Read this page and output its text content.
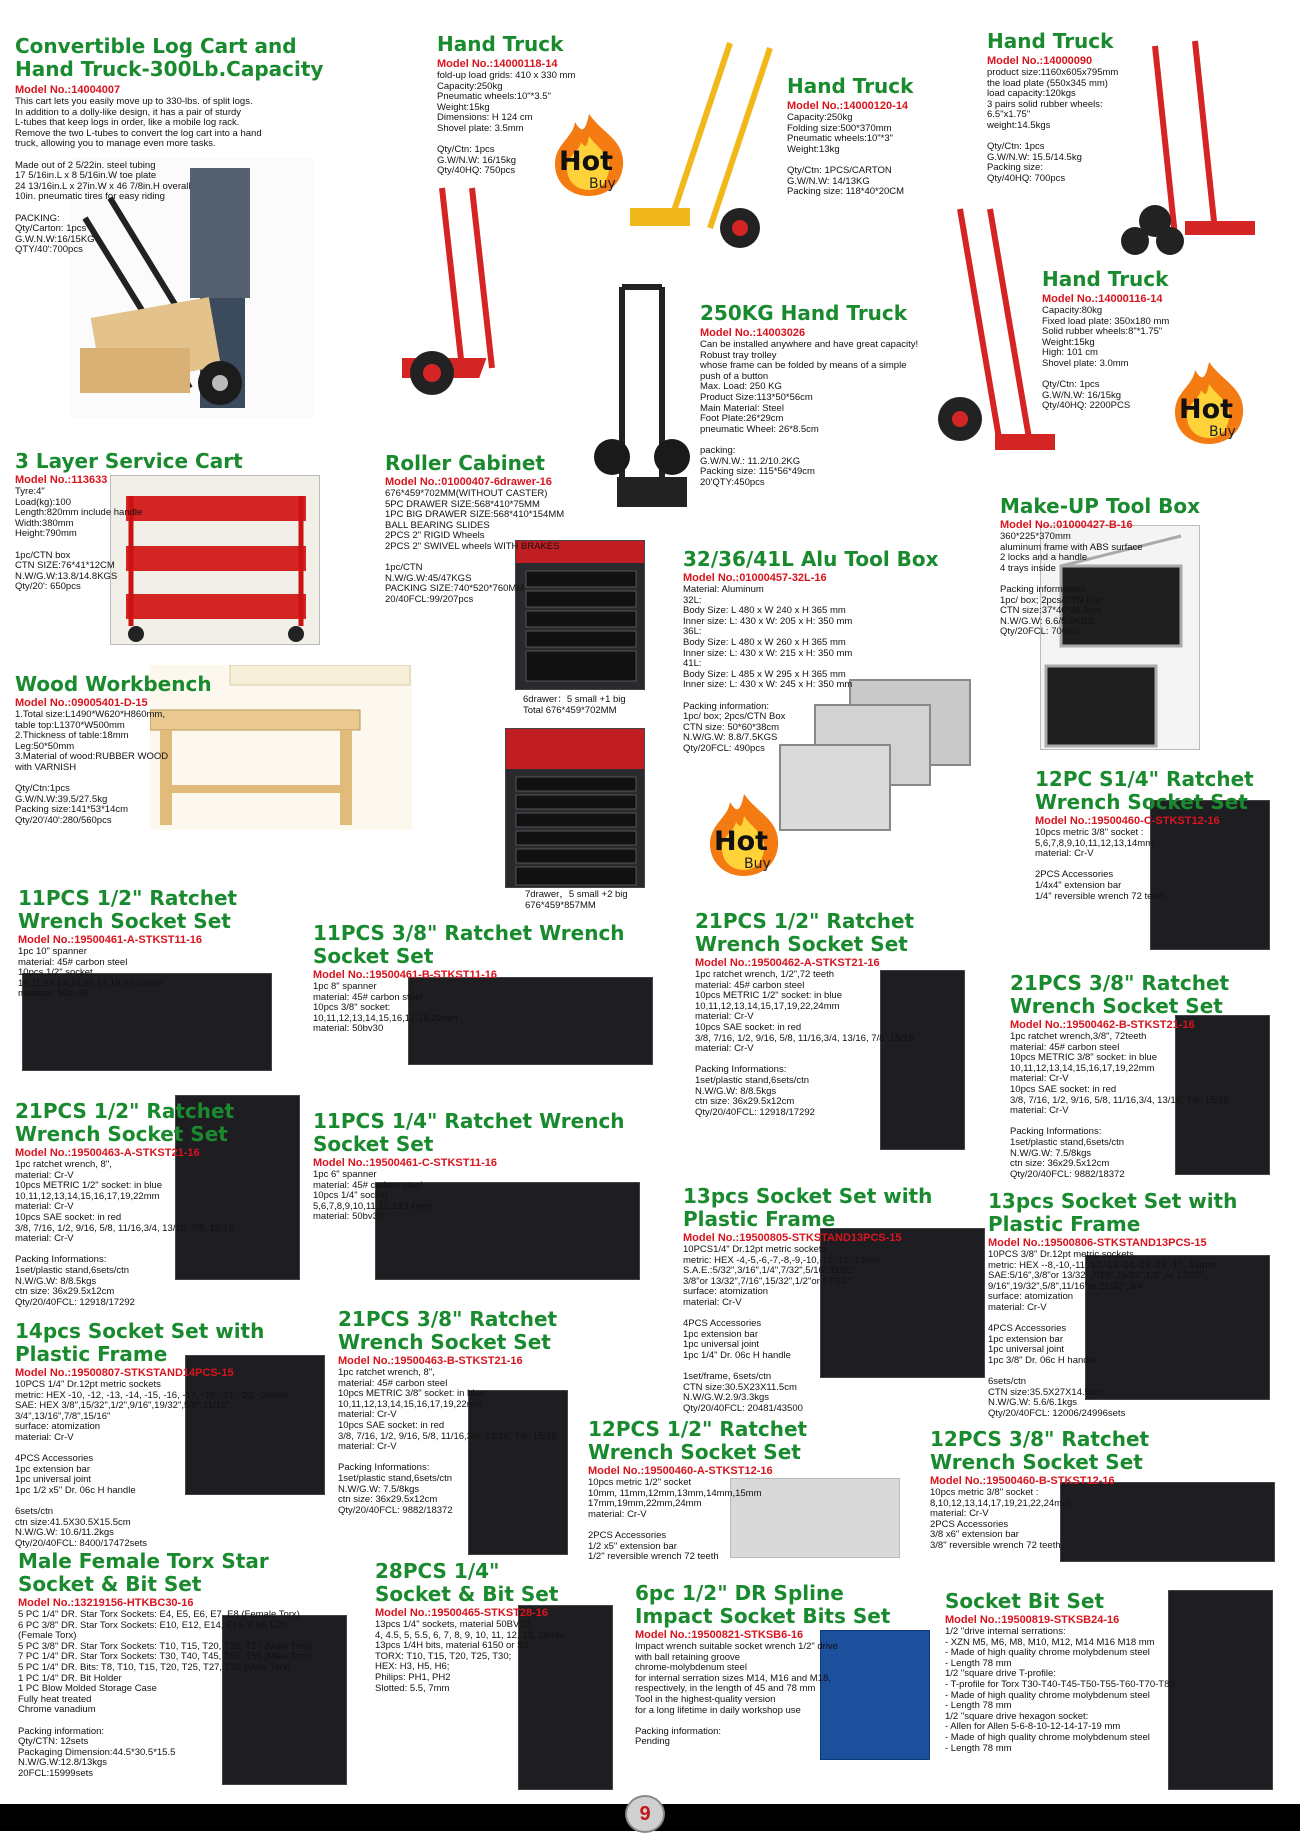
Hot
Buy
Hot
Buy
Hot
Buy
Convertible Log Cart and
Hand Truck-300Lb.Capacity
Model No.:14004007
This cart lets you easily move up to 330-lbs. of split logs.
In addition to a dolly-like design, it has a pair of sturdy
L-tubes that keep logs in order, like a mobile log rack.
Remove the two L-tubes to convert the log cart into a hand
truck, allowing you to manage even more tasks.

Made out of 2 5/22in. steel tubing
17 5/16in.L x 8 5/16in.W toe plate
24 13/16in.L x 27in.W x 46 7/8in.H overall
10in. pneumatic tires for easy riding

PACKING:
Qty/Carton: 1pcs
G.W.N.W:16/15KG
QTY/40':700pcs
Hand Truck
Model No.:14000118-14
fold-up load grids: 410 x 330 mm
Capacity:250kg
Pneumatic wheels:10"*3.5"
Weight:15kg
Dimensions: H 124 cm
Shovel plate: 3.5mm

Qty/Ctn: 1pcs
G.W/N.W: 16/15kg
Qty/40HQ: 750pcs
Hand Truck
Model No.:14000120-14
Capacity:250kg
Folding size:500*370mm
Pneumatic wheels:10"*3"
Weight:13kg

Qty/Ctn: 1PCS/CARTON
G.W/N.W: 14/13KG
Packing size: 118*40*20CM
Hand Truck
Model No.:14000090
product size:1160x605x795mm
the load plate (550x345 mm)
load capacity:120kgs
3 pairs solid rubber wheels: 6.5"x1.75"
weight:14.5kgs

Qty/Ctn: 1pcs
G.W/N.W: 15.5/14.5kg
Packing size:
Qty/40HQ: 700pcs
250KG Hand Truck
Model No.:14003026
Can be installed anywhere and have great capacity!
Robust tray trolley
whose frame can be folded by means of a simple
push of a button
Max. Load: 250 KG
Product Size:113*50*56cm
Main Material: Steel
Foot Plate:26*29cm
pneumatic Wheel: 26*8.5cm

packing:
G.W/N.W.: 11.2/10.2KG
Packing size: 115*56*49cm
20'QTY:450pcs
Hand Truck
Model No.:14000116-14
Capacity:80kg
Fixed load plate: 350x180 mm
Solid rubber wheels:8"*1.75"
Weight:15kg
High: 101 cm
Shovel plate: 3.0mm

Qty/Ctn: 1pcs
G.W/N.W: 16/15kg
Qty/40HQ: 2200PCS
3 Layer Service Cart
Model No.:113633
Tyre:4"
Load(kg):100
Length:820mm include handle
Width:380mm
Height:790mm

1pc/CTN box
CTN SIZE:76*41*12CM
N.W/G.W:13.8/14.8KGS
Qty/20': 650pcs
Roller Cabinet
Model No.:01000407-6drawer-16
676*459*702MM(WITHOUT CASTER)
5PC DRAWER SIZE:568*410*75MM
1PC BIG DRAWER SIZE:568*410*154MM
BALL BEARING SLIDES
2PCS 2" RIGID Wheels
2PCS 2" SWIVEL wheels WITH BRAKES

1pc/CTN
N.W/G.W:45/47KGS
PACKING SIZE:740*520*760MM
20/40FCL:99/207pcs
6drawer：5 small +1 big
Total 676*459*702MM
7drawer，5 small +2 big
676*459*857MM
Make-UP Tool Box
Model No.:01000427-B-16
360*225*370mm
aluminum frame with ABS surface
2 locks and a handle
4 trays inside

Packing information:
1pc/ box; 2pcs/CTN Box
CTN size:37*40*46.5cm
N.W/G.W: 6.6/5.5KGS
Qty/20FCL: 700pcs
32/36/41L Alu Tool Box
Model No.:01000457-32L-16
Material: Aluminum
32L:
Body Size: L 480 x W 240 x H 365 mm
Inner size: L: 430 x W: 205 x H: 350 mm
36L:
Body Size: L 480 x W 260 x H 365 mm
Inner size: L: 430 x W: 215 x H: 350 mm
41L:
Body Size: L 485 x W 295 x H 365 mm
Inner size: L: 430 x W: 245 x H: 350 mm

Packing information:
1pc/ box; 2pcs/CTN Box
CTN size: 50*60*38cm
N.W/G.W: 8.8/7.5KGS
Qty/20FCL: 490pcs
Wood Workbench
Model No.:09005401-D-15
1.Total size:L1490*W620*H860mm,
table top:L1370*W500mm
2.Thickness of table:18mm
Leg:50*50mm
3.Material of wood:RUBBER WOOD
with VARNISH

Qty/Ctn:1pcs
G.W/N.W:39.5/27.5kg
Packing size:141*53*14cm
Qty/20'/40':280/560pcs
12PC S1/4" Ratchet
Wrench Socket Set
Model No.:19500460-C-STKST12-16
10pcs metric 3/8" socket :
5,6,7,8,9,10,11,12,13,14mm
material: Cr-V

2PCS Accessories
1/4x4" extension bar
1/4" reversible wrench 72 teeth
11PCS 1/2" Ratchet
Wrench Socket Set
Model No.:19500461-A-STKST11-16
1pc 10" spanner
material: 45# carbon steel
10pcs 1/2" socket
10,11,12,13,14,15,17,19,22,24mm
material: 50bv30
11PCS 3/8" Ratchet Wrench
Socket Set
Model No.:19500461-B-STKST11-16
1pc 8" spanner
material: 45# carbon steel
10pcs 3/8" socket:
10,11,12,13,14,15,16,17,19,22mm
material: 50bv30
21PCS 1/2" Ratchet
Wrench Socket Set
Model No.:19500462-A-STKST21-16
1pc ratchet wrench, 1/2",72 teeth
material: 45# carbon steel
10pcs METRIC 1/2" socket: in blue
10,11,12,13,14,15,17,19,22,24mm
material: Cr-V
10pcs SAE socket: in red
3/8, 7/16, 1/2, 9/16, 5/8, 11/16,3/4, 13/16, 7/8, 15/16
material: Cr-V

Packing Informations:
1set/plastic stand,6sets/ctn
N.W/G.W: 8/8.5kgs
ctn size: 36x29.5x12cm
Qty/20/40FCL: 12918/17292
21PCS 3/8" Ratchet
Wrench Socket Set
Model No.:19500462-B-STKST21-16
1pc ratchet wrench,3/8", 72teeth
material: 45# carbon steel
10pcs METRIC 3/8" socket: in blue
10,11,12,13,14,15,16,17,19,22mm
material: Cr-V
10pcs SAE socket: in red
3/8, 7/16, 1/2, 9/16, 5/8, 11/16,3/4, 13/16, 7/8, 15/16
material: Cr-V

Packing Informations:
1set/plastic stand,6sets/ctn
N.W/G.W: 7.5/8kgs
ctn size: 36x29.5x12cm
Qty/20/40FCL: 9882/18372
21PCS 1/2" Ratchet
Wrench Socket Set
Model No.:19500463-A-STKST21-16
1pc ratchet wrench, 8",
material: Cr-V
10pcs METRIC 1/2" socket: in blue
10,11,12,13,14,15,16,17,19,22mm
material: Cr-V
10pcs SAE socket: in red
3/8, 7/16, 1/2, 9/16, 5/8, 11/16,3/4, 13/16, 7/8, 15/16
material: Cr-V

Packing Informations:
1set/plastic stand,6sets/ctn
N.W/G.W: 8/8.5kgs
ctn size: 36x29.5x12cm
Qty/20/40FCL: 12918/17292
11PCS 1/4" Ratchet Wrench
Socket Set
Model No.:19500461-C-STKST11-16
1pc 6" spanner
material: 45# carbon steel
10pcs 1/4" socket
5,6,7,8,9,10,11,12,13,14mm
material: 50bv30
13pcs Socket Set with
Plastic Frame
Model No.:19500805-STKSTAND13PCS-15
10PCS1/4" Dr.12pt metric sockets
metric: HEX -4,-5,-6,-7,-8,-9,-10,-11,-12,-13mm
S.A.E.:5/32",3/16",1/4",7/32",5/16",11/32",
3/8"or 13/32",7/16",15/32",1/2"or 17/32"
surface: atomization
material: Cr-V

4PCS Accessories
1pc extension bar
1pc universal joint
1pc 1/4" Dr. 06c H handle

1set/frame, 6sets/ctn
CTN size:30.5X23X11.5cm
N.W/G.W.2.9/3.3kgs
Qty/20/40FCL: 20481/43500
13pcs Socket Set with
Plastic Frame
Model No.:19500806-STKSTAND13PCS-15
10PCS 3/8" Dr.12pt metric sockets
metric: HEX --8,-10,-11,-12,-13,-14,-15,-16,-17,-19mm
SAE:5/16",3/8"or 13/32",7/16",15/32",1/2",or 17/32",
9/16",19/32",5/8",11/16"or 21/32",3/4"
surface: atomization
material: Cr-V

4PCS Accessories
1pc extension bar
1pc universal joint
1pc 3/8" Dr. 06c H handle

6sets/ctn
CTN size:35.5X27X14.5cm
N.W/G.W: 5.6/6.1kgs
Qty/20/40FCL: 12006/24996sets
14pcs Socket Set with
Plastic Frame
Model No.:19500807-STKSTAND14PCS-15
10PCS 1/4" Dr.12pt metric sockets
metric: HEX -10, -12, -13, -14, -15, -16, -17, -19, -21, -22, -24mm
SAE: HEX 3/8",15/32",1/2",9/16",19/32",5/8",11/16",
3/4",13/16",7/8",15/16"
surface: atomization
material: Cr-V

4PCS Accessories
1pc extension bar
1pc universal joint
1pc 1/2 x5" Dr. 06c H handle

6sets/ctn
ctn size:41.5X30.5X15.5cm
N.W/G.W: 10.6/11.2kgs
Qty/20/40FCL: 8400/17472sets
21PCS 3/8" Ratchet
Wrench Socket Set
Model No.:19500463-B-STKST21-16
1pc ratchet wrench, 8",
material: 45# carbon steel
10pcs METRIC 3/8" socket: in blue
10,11,12,13,14,15,16,17,19,22mm
material: Cr-V
10pcs SAE socket: in red
3/8, 7/16, 1/2, 9/16, 5/8, 11/16,3/4, 13/16, 7/8, 15/16
material: Cr-V

Packing Informations:
1set/plastic stand,6sets/ctn
N.W/G.W: 7.5/8kgs
ctn size: 36x29.5x12cm
Qty/20/40FCL: 9882/18372
12PCS 1/2" Ratchet
Wrench Socket Set
Model No.:19500460-A-STKST12-16
10pcs metric 1/2" socket
10mm, 11mm,12mm,13mm,14mm,15mm
17mm,19mm,22mm,24mm
material: Cr-V

2PCS Accessories
1/2 x5" extension bar
1/2" reversible wrench 72 teeth
12PCS 3/8" Ratchet
Wrench Socket Set
Model No.:19500460-B-STKST12-16
10pcs metric 3/8" socket :
8,10,12,13,14,17,19,21,22,24mm
material: Cr-V
2PCS Accessories
3/8 x6" extension bar
3/8" reversible wrench 72 teeth
Male Female Torx Star
Socket & Bit Set
Model No.:13219156-HTKBC30-16
5 PC 1/4" DR. Star Torx Sockets: E4, E5, E6, E7, E8 (Female Torx)
6 PC 3/8" DR. Star Torx Sockets: E10, E12, E14, E16, E18, E20
(Female Torx)
5 PC 3/8" DR. Star Torx Sockets: T10, T15, T20, T25, T27 (Male Torx)
7 PC 1/4" DR. Star Torx Sockets: T30, T40, T45, T50, T55 (Male Torx)
5 PC 1/4" DR. Bits: T8, T10, T15, T20, T25, T27, T30 (Male Torx)
1 PC 1/4" DR. Bit Holder
1 PC Blow Molded Storage Case
Fully heat treated
Chrome vanadium

Packing information:
Qty/CTN: 12sets
Packaging Dimension:44.5*30.5*15.5
N.W/G.W:12.8/13kgs
20FCL:15999sets
28PCS 1/4"
Socket & Bit Set
Model No.:19500465-STKST28-16
13pcs 1/4" sockets, material 50BV30
4, 4.5, 5, 5.5, 6, 7, 8, 9, 10, 11, 12, 13, 14mm
13pcs 1/4H bits, material 6150 or S2
TORX: T10, T15, T20, T25, T30;
HEX: H3, H5, H6;
Philips: PH1, PH2
Slotted: 5.5, 7mm
6pc 1/2" DR Spline
Impact Socket Bits Set
Model No.:19500821-STKSB6-16
Impact wrench suitable socket wrench 1/2" drive
with ball retaining groove
chrome-molybdenum steel
for internal serration sizes M14, M16 and M18,
respectively, in the length of 45 and 78 mm
Tool in the highest-quality version
for a long lifetime in daily workshop use

Packing information:
Pending
Socket Bit Set
Model No.:19500819-STKSB24-16
1/2 "drive internal serrations:
- XZN M5, M6, M8, M10, M12, M14 M16 M18 mm
- Made of high quality chrome molybdenum steel
- Length 78 mm
1/2 "square drive T-profile:
- T-profile for Torx T30-T40-T45-T50-T55-T60-T70-T80
- Made of high quality chrome molybdenum steel
- Length 78 mm
1/2 "square drive hexagon socket:
- Allen for Allen 5-6-8-10-12-14-17-19 mm
- Made of high quality chrome molybdenum steel
- Length 78 mm
9
